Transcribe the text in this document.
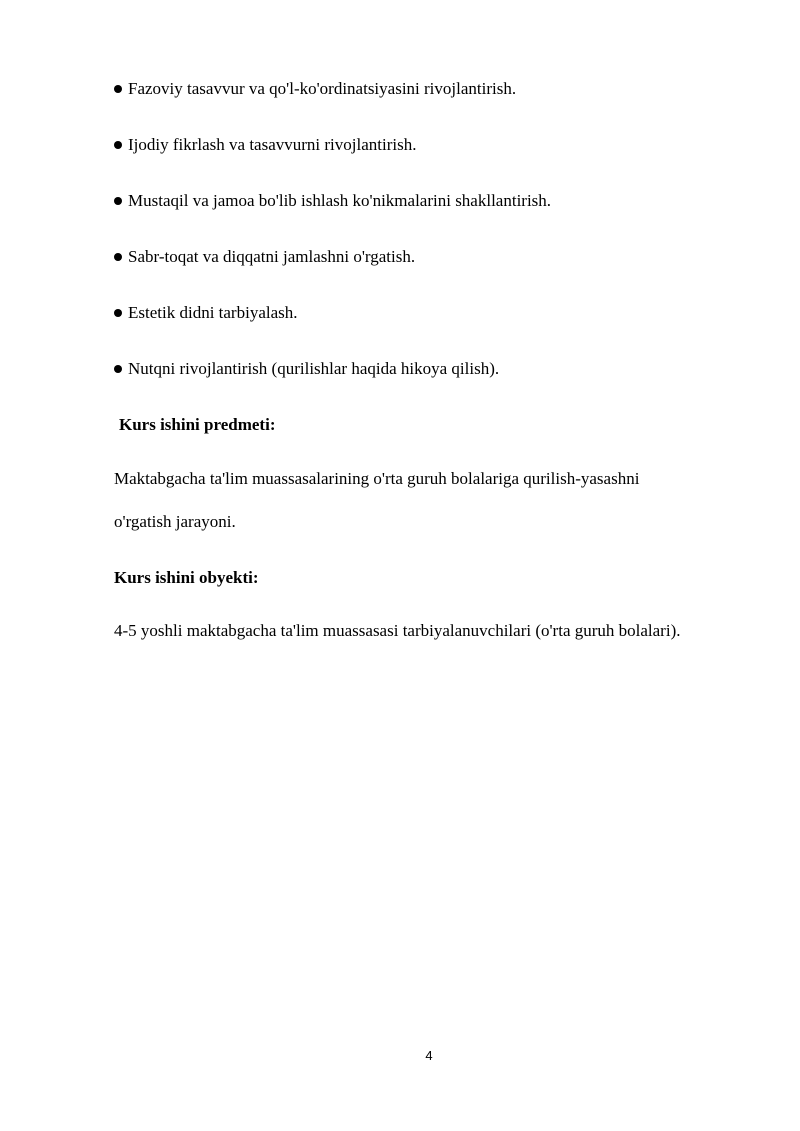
Fazoviy tasavvur va qo'l-ko'ordinatsiyasini rivojlantirish.
Ijodiy fikrlash va tasavvurni rivojlantirish.
Mustaqil va jamoa bo'lib ishlash ko'nikmalarini shakllantirish.
Sabr-toqat va diqqatni jamlashni o'rgatish.
Estetik didni tarbiyalash.
Nutqni rivojlantirish (qurilishlar haqida hikoya qilish).
Kurs ishini predmeti:
Maktabgacha ta'lim muassasalarining o'rta guruh bolalariga qurilish-yasashni
o'rgatish jarayoni.
Kurs ishini obyekti:
4-5 yoshli maktabgacha ta'lim muassasasi tarbiyalanuvchilari (o'rta guruh bolalari).
4
